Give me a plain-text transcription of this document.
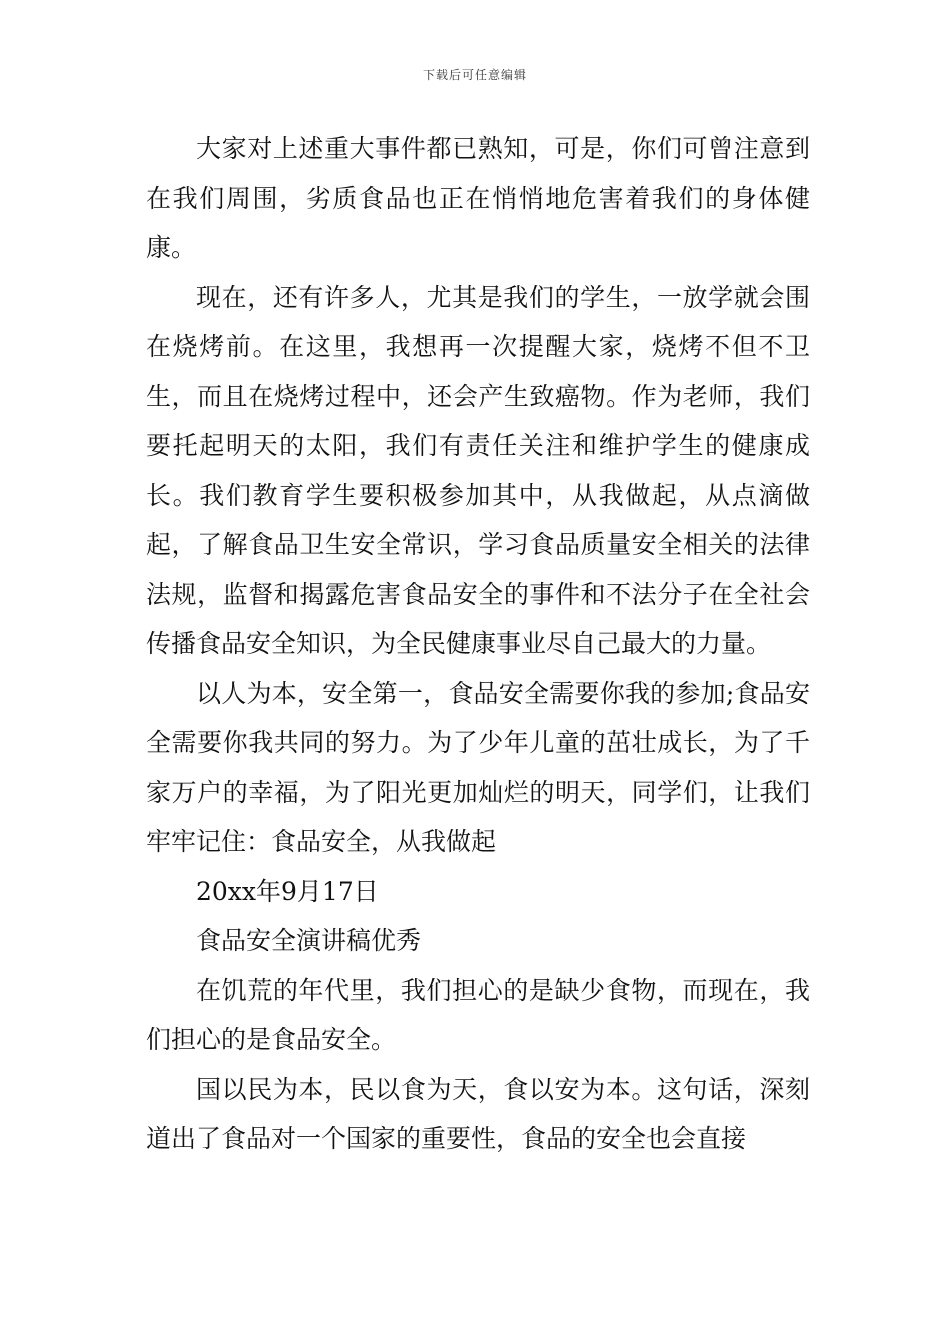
下载后可任意编辑

大家对上述重大事件都已熟知，可是，你们可曾注意到在我们周围，劣质食品也正在悄悄地危害着我们的身体健康。

现在，还有许多人，尤其是我们的学生，一放学就会围在烧烤前。在这里，我想再一次提醒大家，烧烤不但不卫生，而且在烧烤过程中，还会产生致癌物。作为老师，我们要托起明天的太阳，我们有责任关注和维护学生的健康成长。我们教育学生要积极参加其中，从我做起，从点滴做起，了解食品卫生安全常识，学习食品质量安全相关的法律法规，监督和揭露危害食品安全的事件和不法分子在全社会传播食品安全知识，为全民健康事业尽自己最大的力量。

以人为本，安全第一，食品安全需要你我的参加;食品安全需要你我共同的努力。为了少年儿童的茁壮成长，为了千家万户的幸福，为了阳光更加灿烂的明天，同学们，让我们牢牢记住：食品安全，从我做起

20xx年9月17日

食品安全演讲稿优秀

在饥荒的年代里，我们担心的是缺少食物，而现在，我们担心的是食品安全。

国以民为本，民以食为天，食以安为本。这句话，深刻道出了食品对一个国家的重要性，食品的安全也会直接
